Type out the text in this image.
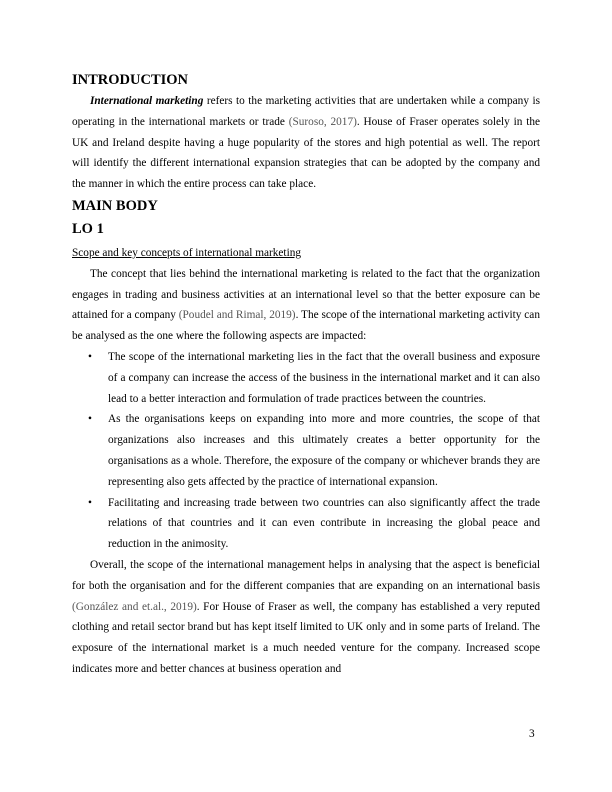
INTRODUCTION

International marketing refers to the marketing activities that are undertaken while a company is operating in the international markets or trade (Suroso, 2017). House of Fraser operates solely in the UK and Ireland despite having a huge popularity of the stores and high potential as well. The report will identify the different international expansion strategies that can be adopted by the company and the manner in which the entire process can take place.

MAIN BODY
LO 1

Scope and key concepts of international marketing

The concept that lies behind the international marketing is related to the fact that the organization engages in trading and business activities at an international level so that the better exposure can be attained for a company (Poudel and Rimal, 2019). The scope of the international marketing activity can be analysed as the one where the following aspects are impacted:

• The scope of the international marketing lies in the fact that the overall business and exposure of a company can increase the access of the business in the international market and it can also lead to a better interaction and formulation of trade practices between the countries.
• As the organisations keeps on expanding into more and more countries, the scope of that organizations also increases and this ultimately creates a better opportunity for the organisations as a whole. Therefore, the exposure of the company or whichever brands they are representing also gets affected by the practice of international expansion.
• Facilitating and increasing trade between two countries can also significantly affect the trade relations of that countries and it can even contribute in increasing the global peace and reduction in the animosity.

Overall, the scope of the international management helps in analysing that the aspect is beneficial for both the organisation and for the different companies that are expanding on an international basis (González and et.al., 2019). For House of Fraser as well, the company has established a very reputed clothing and retail sector brand but has kept itself limited to UK only and in some parts of Ireland. The exposure of the international market is a much needed venture for the company. Increased scope indicates more and better chances at business operation and

3
